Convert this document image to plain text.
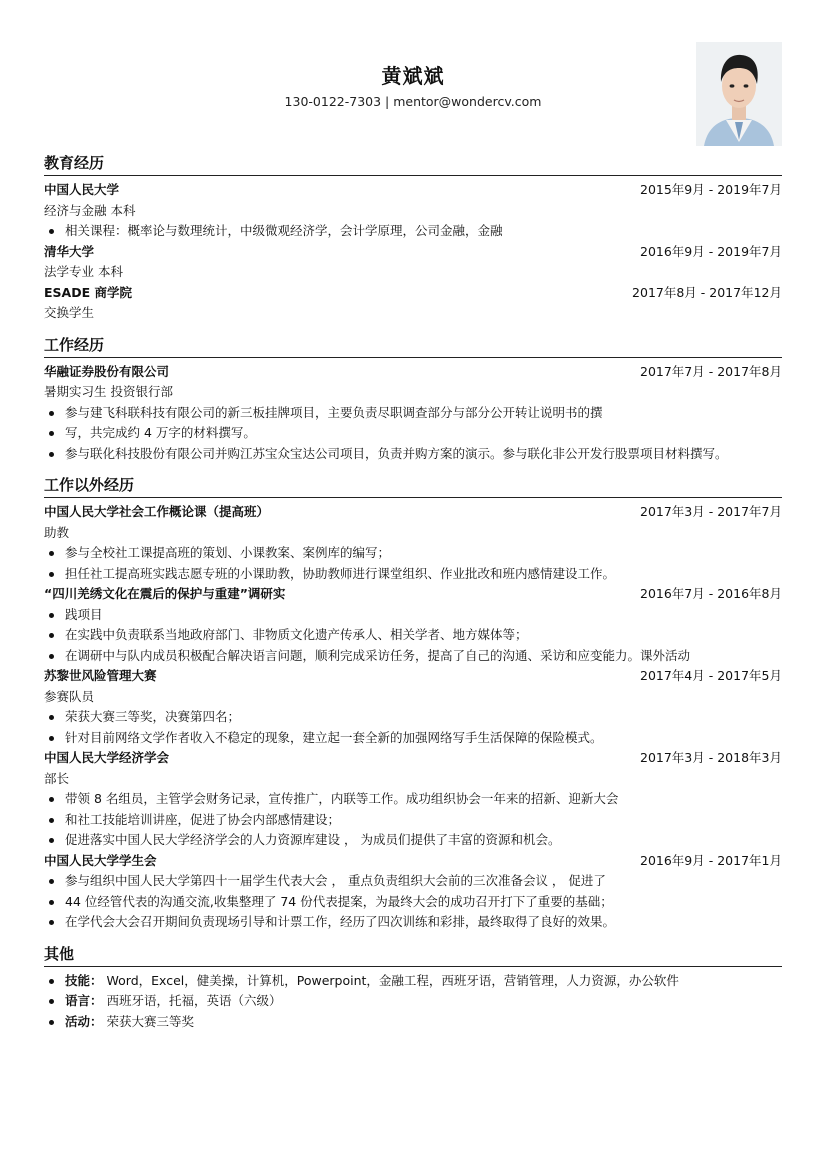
黄斌斌
130-0122-7303 | mentor@wondercv.com
教育经历
中国人民大学	2015年9月 - 2019年7月
经济与金融 本科
相关课程：概率论与数理统计，中级微观经济学，会计学原理，公司金融，金融
清华大学	2016年9月 - 2019年7月
法学专业 本科
ESADE 商学院	2017年8月 - 2017年12月
交换学生
工作经历
华融证券股份有限公司	2017年7月 - 2017年8月
暑期实习生 投资银行部
参与建飞科联科技有限公司的新三板挂牌项目，主要负责尽职调查部分与部分公开转让说明书的撰
写，共完成约 4 万字的材料撰写。
参与联化科技股份有限公司并购江苏宝众宝达公司项目，负责并购方案的演示。参与联化非公开发行股票项目材料撰写。
工作以外经历
中国人民大学社会工作概论课（提高班）	2017年3月 - 2017年7月
助教
参与全校社工课提高班的策划、小课教案、案例库的编写；
担任社工提高班实践志愿专班的小课助教，协助教师进行课堂组织、作业批改和班内感情建设工作。
“四川羌绣文化在震后的保护与重建”调研实	2016年7月 - 2016年8月
践项目
在实践中负责联系当地政府部门、非物质文化遗产传承人、相关学者、地方媒体等；
在调研中与队内成员积极配合解决语言问题，顺利完成采访任务，提高了自己的沟通、采访和应变能力。课外活动
苏黎世风险管理大赛	2017年4月 - 2017年5月
参赛队员
荣获大赛三等奖，决赛第四名；
针对目前网络文学作者收入不稳定的现象，建立起一套全新的加强网络写手生活保障的保险模式。
中国人民大学经济学会	2017年3月 - 2018年3月
部长
带领 8 名组员，主管学会财务记录，宣传推广，内联等工作。成功组织协会一年来的招新、迎新大会
和社工技能培训讲座，促进了协会内部感情建设；
促进落实中国人民大学经济学会的人力资源库建设 ， 为成员们提供了丰富的资源和机会。
中国人民大学学生会	2016年9月 - 2017年1月
参与组织中国人民大学第四十一届学生代表大会 ， 重点负责组织大会前的三次准备会议 ， 促进了
44 位经管代表的沟通交流,收集整理了 74 份代表提案，为最终大会的成功召开打下了重要的基础；
在学代会大会召开期间负责现场引导和计票工作，经历了四次训练和彩排，最终取得了良好的效果。
其他
技能： Word，Excel，健美操，计算机，Powerpoint，金融工程，西班牙语，营销管理，人力资源，办公软件
语言： 西班牙语，托福，英语（六级）
活动： 荣获大赛三等奖
